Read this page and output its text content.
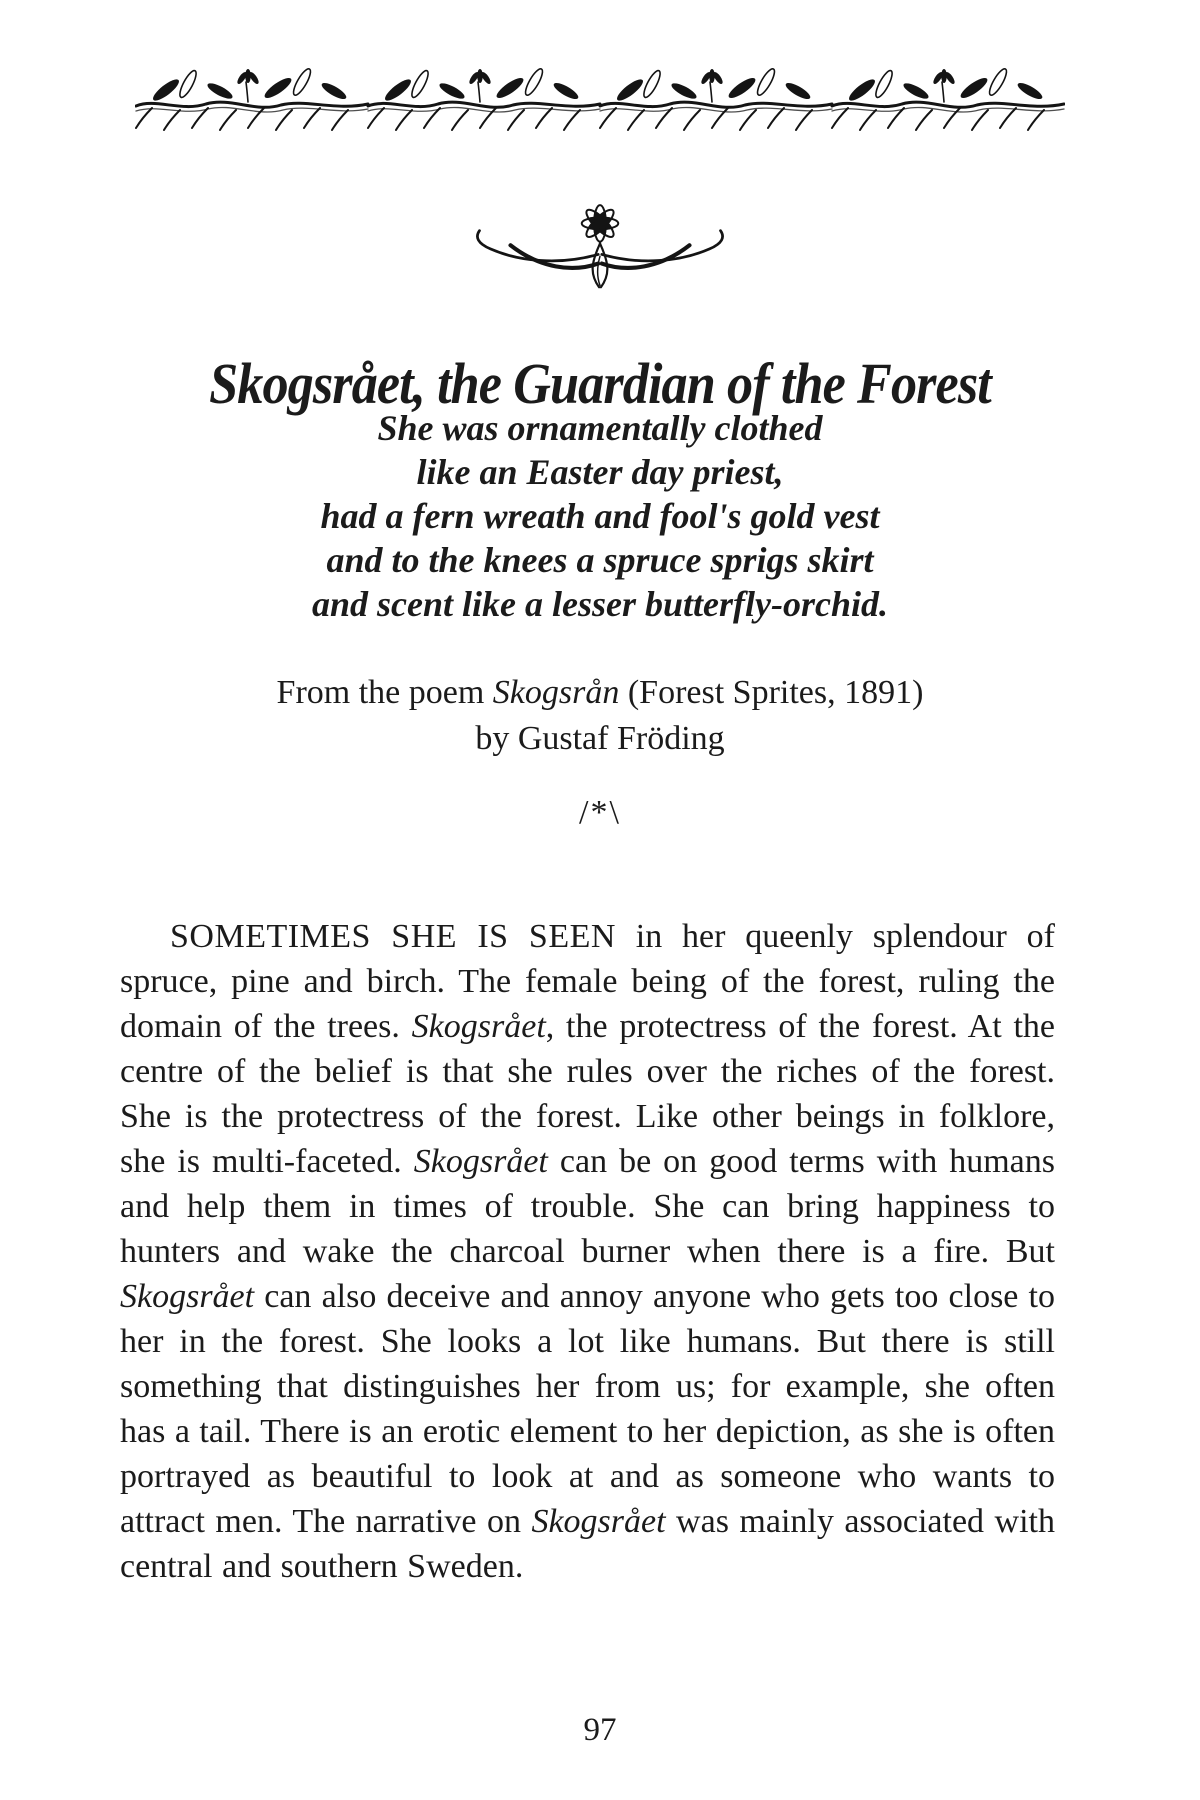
Skogsrået, the Guardian of the Forest
She was ornamentally clothed
like an Easter day priest,
had a fern wreath and fool's gold vest
and to the knees a spruce sprigs skirt
and scent like a lesser butterfly-orchid.
From the poem Skogsrån (Forest Sprites, 1891)
by Gustaf Fröding
/*\

SOMETIMES SHE IS SEEN in her queenly splendour of spruce, pine and birch. The female being of the forest, ruling the domain of the trees. Skogsrået, the protectress of the forest. At the centre of the belief is that she rules over the riches of the forest. She is the protectress of the forest. Like other beings in folklore, she is multi-faceted. Skogsrået can be on good terms with humans and help them in times of trouble. She can bring happiness to hunters and wake the charcoal burner when there is a fire. But Skogsrået can also deceive and annoy anyone who gets too close to her in the forest. She looks a lot like humans. But there is still something that distinguishes her from us; for example, she often has a tail. There is an erotic element to her depiction, as she is often portrayed as beautiful to look at and as someone who wants to attract men. The narrative on Skogsrået was mainly associated with central and southern Sweden.

97
